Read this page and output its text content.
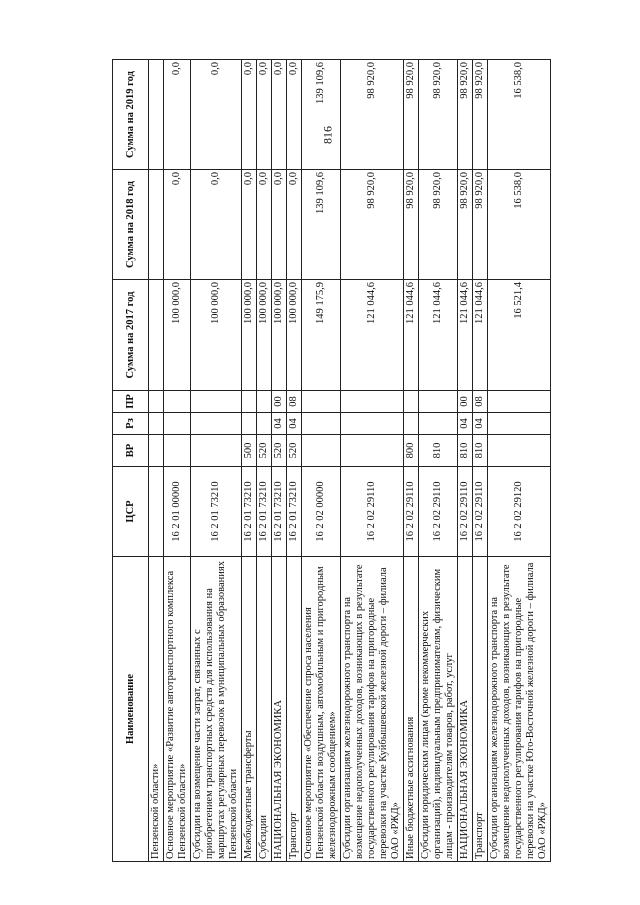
816
Наименование	ЦСР	ВР	Рз	ПР	Сумма на 2017 год	Сумма на 2018 год	Сумма на 2019 год
Пензенской области»							
Основное мероприятие «Развитие автотранспортного комплекса Пензенской области»	16 2 01 00000				100 000,0	0,0	0,0
Субсидии на возмещение части затрат, связанных с приобретением транспортных средств для использования на маршрутах регулярных перевозок в муниципальных образованиях Пензенской области	16 2 01 73210				100 000,0	0,0	0,0
Межбюджетные трансферты	16 2 01 73210	500			100 000,0	0,0	0,0
Субсидии	16 2 01 73210	520			100 000,0	0,0	0,0
НАЦИОНАЛЬНАЯ ЭКОНОМИКА	16 2 01 73210	520	04	00	100 000,0	0,0	0,0
Транспорт	16 2 01 73210	520	04	08	100 000,0	0,0	0,0
Основное мероприятие «Обеспечение спроса населения Пензенской области воздушным, автомобильным и пригородным железнодорожным сообщением»	16 2 02 00000				149 175,9	139 109,6	139 109,6
Субсидии организациям железнодорожного транспорта на возмещение недополученных доходов, возникающих в результате государственного регулирования тарифов на пригородные перевозки на участке Куйбышевской железной дороги – филиала ОАО «РЖД»	16 2 02 29110				121 044,6	98 920,0	98 920,0
Иные бюджетные ассигнования	16 2 02 29110	800			121 044,6	98 920,0	98 920,0
Субсидии юридическим лицам (кроме некоммерческих организаций), индивидуальным предпринимателям, физическим лицам - производителям товаров, работ, услуг	16 2 02 29110	810			121 044,6	98 920,0	98 920,0
НАЦИОНАЛЬНАЯ ЭКОНОМИКА	16 2 02 29110	810	04	00	121 044,6	98 920,0	98 920,0
Транспорт	16 2 02 29110	810	04	08	121 044,6	98 920,0	98 920,0
Субсидии организациям железнодорожного транспорта на возмещение недополученных доходов, возникающих в результате государственного регулирования тарифов на пригородные перевозки на участке Юго-Восточной железной дороги – филиала ОАО «РЖД»	16 2 02 29120				16 521,4	16 538,0	16 538,0
